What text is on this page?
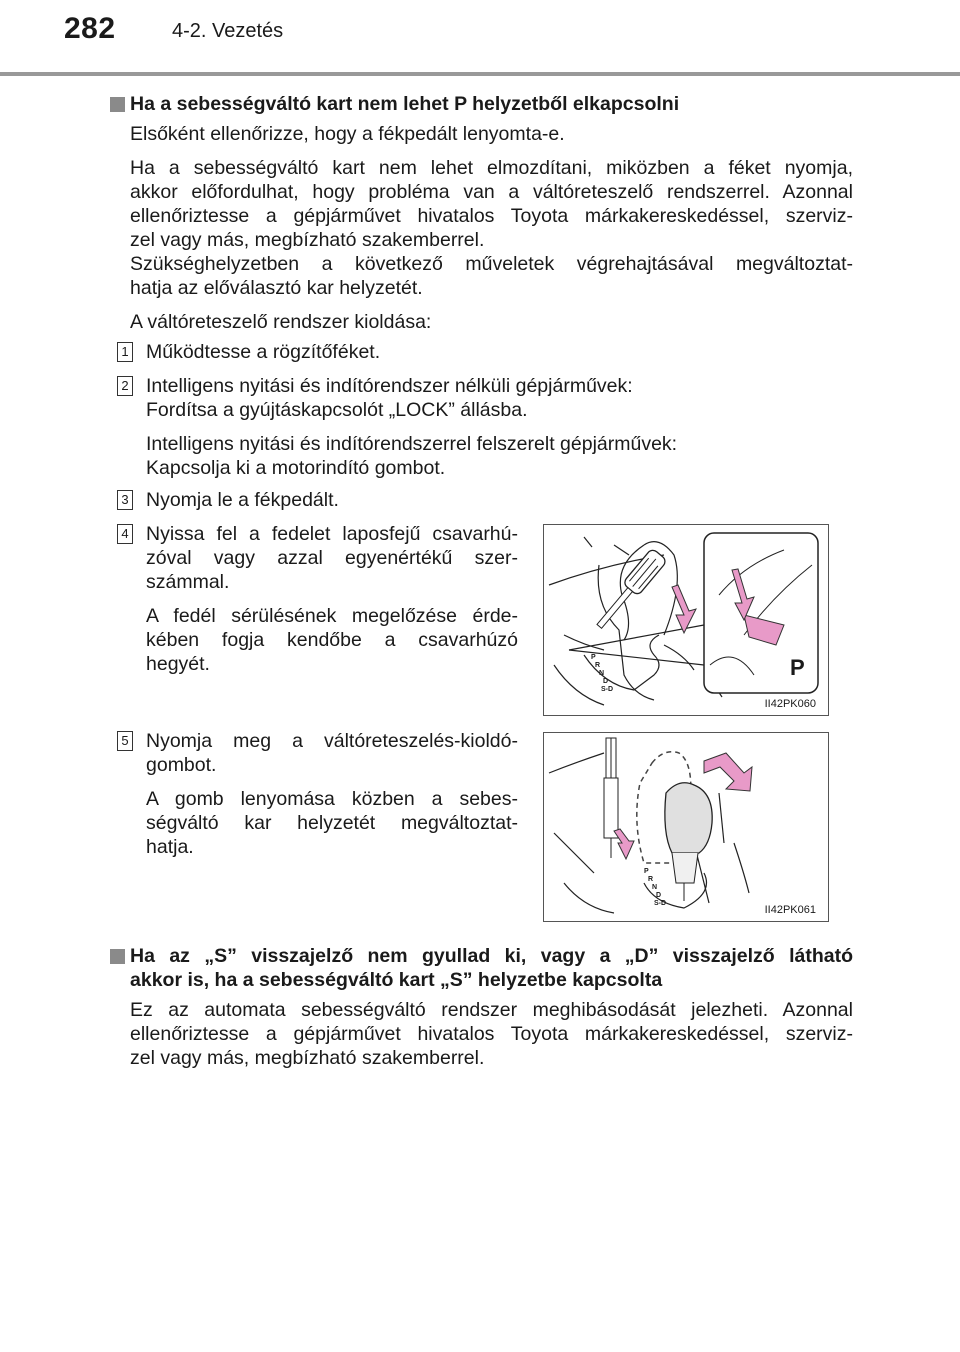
282	4-2. Vezetés
Ha a sebességváltó kart nem lehet P helyzetből elkapcsolni
Elsőként ellenőrizze, hogy a fékpedált lenyomta-e.
Ha a sebességváltó kart nem lehet elmozdítani, miközben a féket nyomja,
akkor előfordulhat, hogy probléma van a váltóreteszelő rendszerrel. Azonnal
ellenőriztesse a gépjárművet hivatalos Toyota márkakereskedéssel, szerviz-
zel vagy más, megbízható szakemberrel.
Szükséghelyzetben a következő műveletek végrehajtásával megváltoztat-
hatja az előválasztó kar helyzetét.
A váltóreteszelő rendszer kioldása:
1 Működtesse a rögzítőféket.
2 Intelligens nyitási és indítórendszer nélküli gépjárművek:
Fordítsa a gyújtáskapcsolót „LOCK” állásba.
Intelligens nyitási és indítórendszerrel felszerelt gépjárművek:
Kapcsolja ki a motorindító gombot.
3 Nyomja le a fékpedált.
4 Nyissa fel a fedelet laposfejű csavarhú-
zóval vagy azzal egyenértékű szer-
számmal.
A fedél sérülésének megelőzése érde-
kében fogja kendőbe a csavarhúzó
hegyét.	P
P
R
N
D
S-D
II42PK060
5 Nyomja meg a váltóreteszelés-kioldó-
gombot.
A gomb lenyomása közben a sebes-
ségváltó kar helyzetét megváltoztat-
hatja.
P
R
N
D
S-D
II42PK061
Ha az „S” visszajelző nem gyullad ki, vagy a „D” visszajelző látható
akkor is, ha a sebességváltó kart „S” helyzetbe kapcsolta
Ez az automata sebességváltó rendszer meghibásodását jelezheti. Azonnal
ellenőriztesse a gépjárművet hivatalos Toyota márkakereskedéssel, szerviz-
zel vagy más, megbízható szakemberrel.
